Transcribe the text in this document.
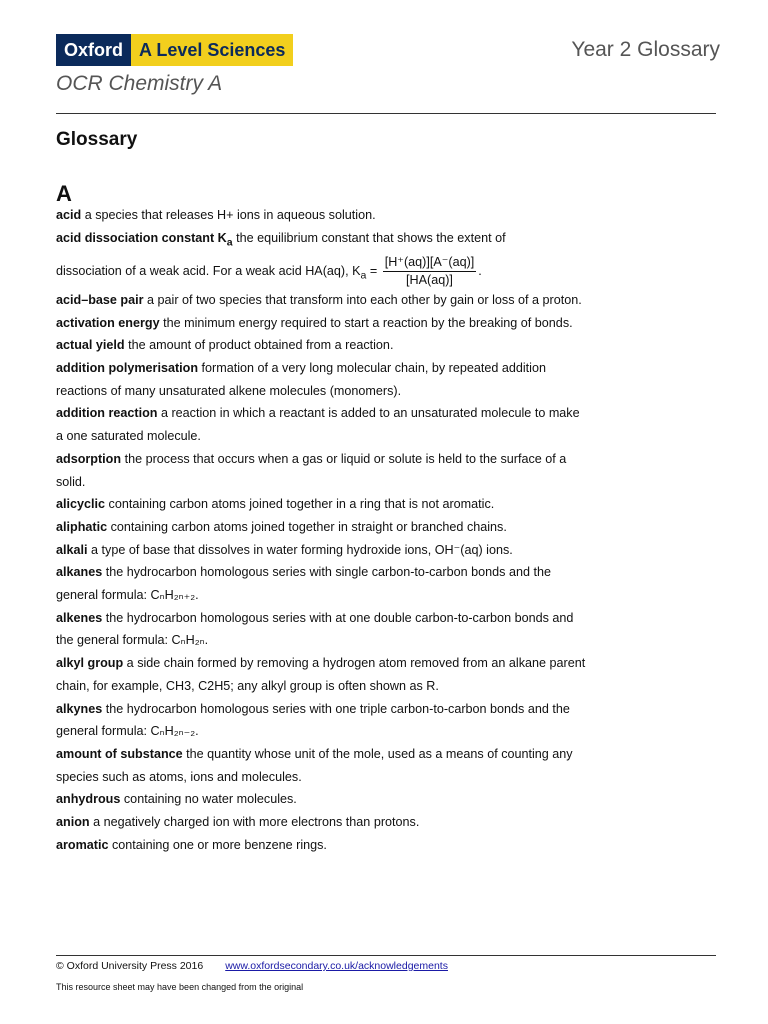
Oxford A Level Sciences	Year 2 Glossary
OCR Chemistry A
Glossary
A

acid a species that releases H+ ions in aqueous solution.

acid dissociation constant $K_a$ the equilibrium constant that shows the extent of
dissociation of a weak acid. For a weak acid HA(aq), $K_a = \frac{[H^+(aq)][A^-(aq)]}{[HA(aq)]}$ .

acid–base pair a pair of two species that transform into each other by gain or loss of a proton.

activation energy the minimum energy required to start a reaction by the breaking of bonds.

actual yield the amount of product obtained from a reaction.

addition polymerisation formation of a very long molecular chain, by repeated addition reactions of many unsaturated alkene molecules (monomers).

addition reaction a reaction in which a reactant is added to an unsaturated molecule to make a one saturated molecule.

adsorption the process that occurs when a gas or liquid or solute is held to the surface of a solid.

alicyclic containing carbon atoms joined together in a ring that is not aromatic.

aliphatic containing carbon atoms joined together in straight or branched chains.

alkali a type of base that dissolves in water forming hydroxide ions, OH⁻(aq) ions.

alkanes the hydrocarbon homologous series with single carbon-to-carbon bonds and the general formula: CₙH₂ₙ₊₂.

alkenes the hydrocarbon homologous series with at one double carbon-to-carbon bonds and the general formula: CₙH₂ₙ.

alkyl group a side chain formed by removing a hydrogen atom removed from an alkane parent chain, for example, CH3, C2H5; any alkyl group is often shown as R.

alkynes the hydrocarbon homologous series with one triple carbon-to-carbon bonds and the general formula: CₙH₂ₙ₋₂.

amount of substance the quantity whose unit of the mole, used as a means of counting any species such as atoms, ions and molecules.

anhydrous containing no water molecules.

anion a negatively charged ion with more electrons than protons.

aromatic containing one or more benzene rings.

© Oxford University Press 2016 www.oxfordsecondary.co.uk/acknowledgements
This resource sheet may have been changed from the original
